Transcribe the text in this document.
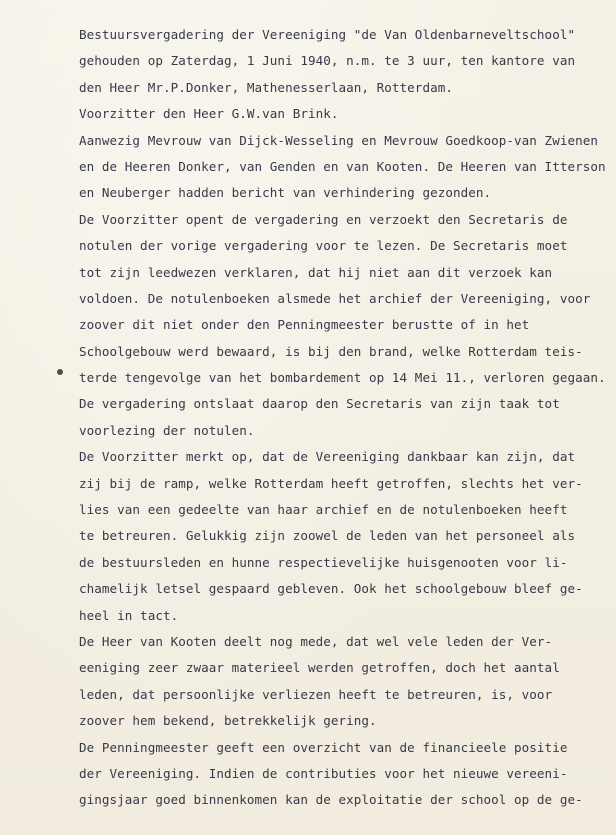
Bestuursvergadering der Vereeniging "de Van Oldenbarneveltschool"
gehouden op Zaterdag, 1 Juni 1940, n.m. te 3 uur, ten kantore van
den Heer Mr.P.Donker, Mathenesserlaan, Rotterdam.
Voorzitter den Heer G.W.van Brink.
Aanwezig Mevrouw van Dijck-Wesseling en Mevrouw Goedkoop-van Zwienen
en de Heeren Donker, van Genden en van Kooten. De Heeren van Itterson
en Neuberger hadden bericht van verhindering gezonden.
De Voorzitter opent de vergadering en verzoekt den Secretaris de
notulen der vorige vergadering voor te lezen. De Secretaris moet
tot zijn leedwezen verklaren, dat hij niet aan dit verzoek kan
voldoen. De notulenboeken alsmede het archief der Vereeniging, voor
zoover dit niet onder den Penningmeester berustte of in het
Schoolgebouw werd bewaard, is bij den brand, welke Rotterdam teis-
terde tengevolge van het bombardement op 14 Mei 11., verloren gegaan.
De vergadering ontslaat daarop den Secretaris van zijn taak tot
voorlezing der notulen.
De Voorzitter merkt op, dat de Vereeniging dankbaar kan zijn, dat
zij bij de ramp, welke Rotterdam heeft getroffen, slechts het ver-
lies van een gedeelte van haar archief en de notulenboeken heeft
te betreuren. Gelukkig zijn zoowel de leden van het personeel als
de bestuursleden en hunne respectievelijke huisgenooten voor li-
chamelijk letsel gespaard gebleven. Ook het schoolgebouw bleef ge-
heel in tact.
De Heer van Kooten deelt nog mede, dat wel vele leden der Ver-
eeniging zeer zwaar materieel werden getroffen, doch het aantal
leden, dat persoonlijke verliezen heeft te betreuren, is, voor
zoover hem bekend, betrekkelijk gering.
De Penningmeester geeft een overzicht van de financieele positie
der Vereeniging. Indien de contributies voor het nieuwe vereeni-
gingsjaar goed binnenkomen kan de exploitatie der school op de ge-
